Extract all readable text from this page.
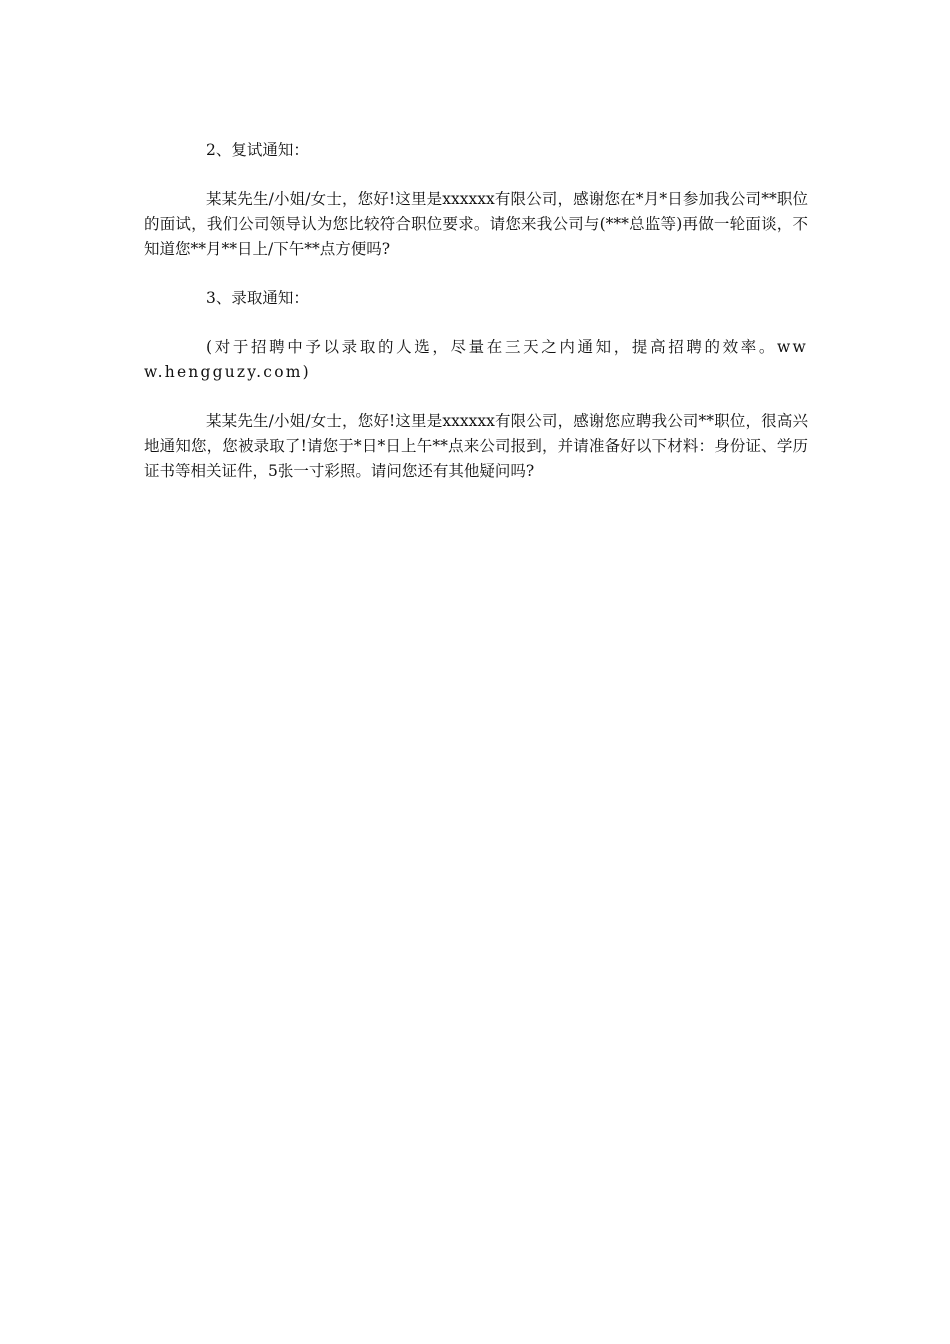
2、复试通知：

某某先生/小姐/女士，您好!这里是xxxxxx有限公司，感谢您在*月*日参加我公司**职位的面试，我们公司领导认为您比较符合职位要求。请您来我公司与(***总监等)再做一轮面谈，不知道您**月**日上/下午**点方便吗?

3、录取通知：

(对于招聘中予以录取的人选，尽量在三天之内通知，提高招聘的效率。www.hengguzy.com)

某某先生/小姐/女士，您好!这里是xxxxxx有限公司，感谢您应聘我公司**职位，很高兴地通知您，您被录取了!请您于*日*日上午**点来公司报到，并请准备好以下材料：身份证、学历证书等相关证件，5张一寸彩照。请问您还有其他疑问吗?
